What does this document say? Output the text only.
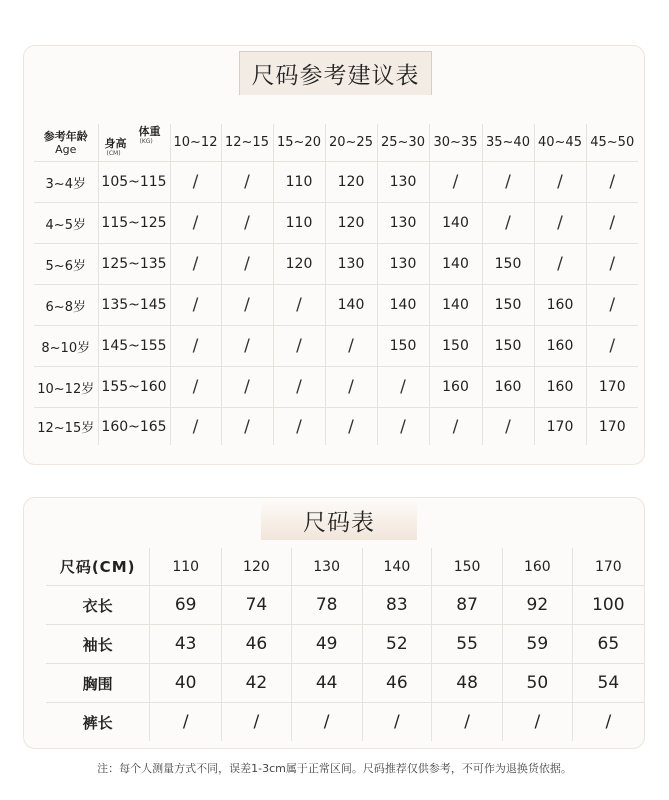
尺码参考建议表
参考年龄
Age	身高
(CM)
体重
(KG)	10~12	12~15	15~20	20~25	25~30	30~35	35~40	40~45	45~50
3~4岁	105~115	/	/	110	120	130	/	/	/	/
4~5岁	115~125	/	/	110	120	130	140	/	/	/
5~6岁	125~135	/	/	120	130	130	140	150	/	/
6~8岁	135~145	/	/	/	140	140	140	150	160	/
8~10岁	145~155	/	/	/	/	150	150	150	160	/
10~12岁	155~160	/	/	/	/	/	160	160	160	170
12~15岁	160~165	/	/	/	/	/	/	/	170	170
尺码表
尺码(CM)	110	120	130	140	150	160	170
衣长	69	74	78	83	87	92	100
袖长	43	46	49	52	55	59	65
胸围	40	42	44	46	48	50	54
裤长	/	/	/	/	/	/	/
注：每个人测量方式不同，误差1-3cm属于正常区间。尺码推荐仅供参考，不可作为退换货依据。
